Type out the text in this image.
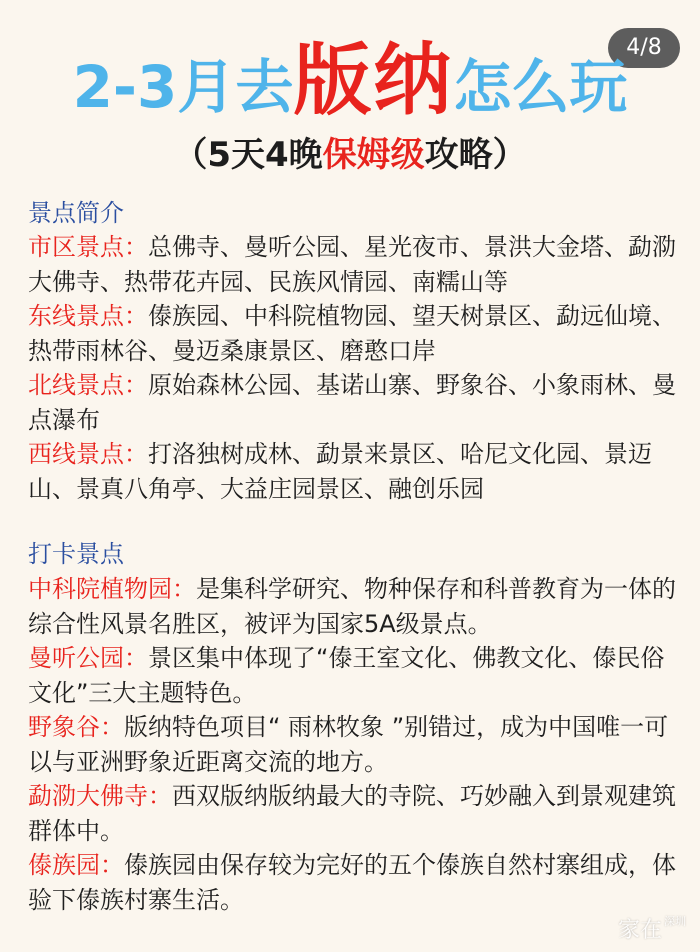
4/8
2-3月去版纳怎么玩
（5天4晚保姆级攻略）
景点简介
市区景点：总佛寺、曼听公园、星光夜市、景洪大金塔、勐泐大佛寺、热带花卉园、民族风情园、南糯山等
东线景点：傣族园、中科院植物园、望天树景区、勐远仙境、热带雨林谷、曼迈桑康景区、磨憨口岸
北线景点：原始森林公园、基诺山寨、野象谷、小象雨林、曼点瀑布
西线景点：打洛独树成林、勐景来景区、哈尼文化园、景迈山、景真八角亭、大益庄园景区、融创乐园
打卡景点
中科院植物园：是集科学研究、物种保存和科普教育为一体的综合性风景名胜区，被评为国家5A级景点。
曼听公园：景区集中体现了“傣王室文化、佛教文化、傣民俗文化”三大主题特色。
野象谷：版纳特色项目“ 雨林牧象 ”别错过，成为中国唯一可以与亚洲野象近距离交流的地方。
勐泐大佛寺：西双版纳版纳最大的寺院、巧妙融入到景观建筑群体中。
傣族园：傣族园由保存较为完好的五个傣族自然村寨组成，体验下傣族村寨生活。
家在 $^{深圳}$
